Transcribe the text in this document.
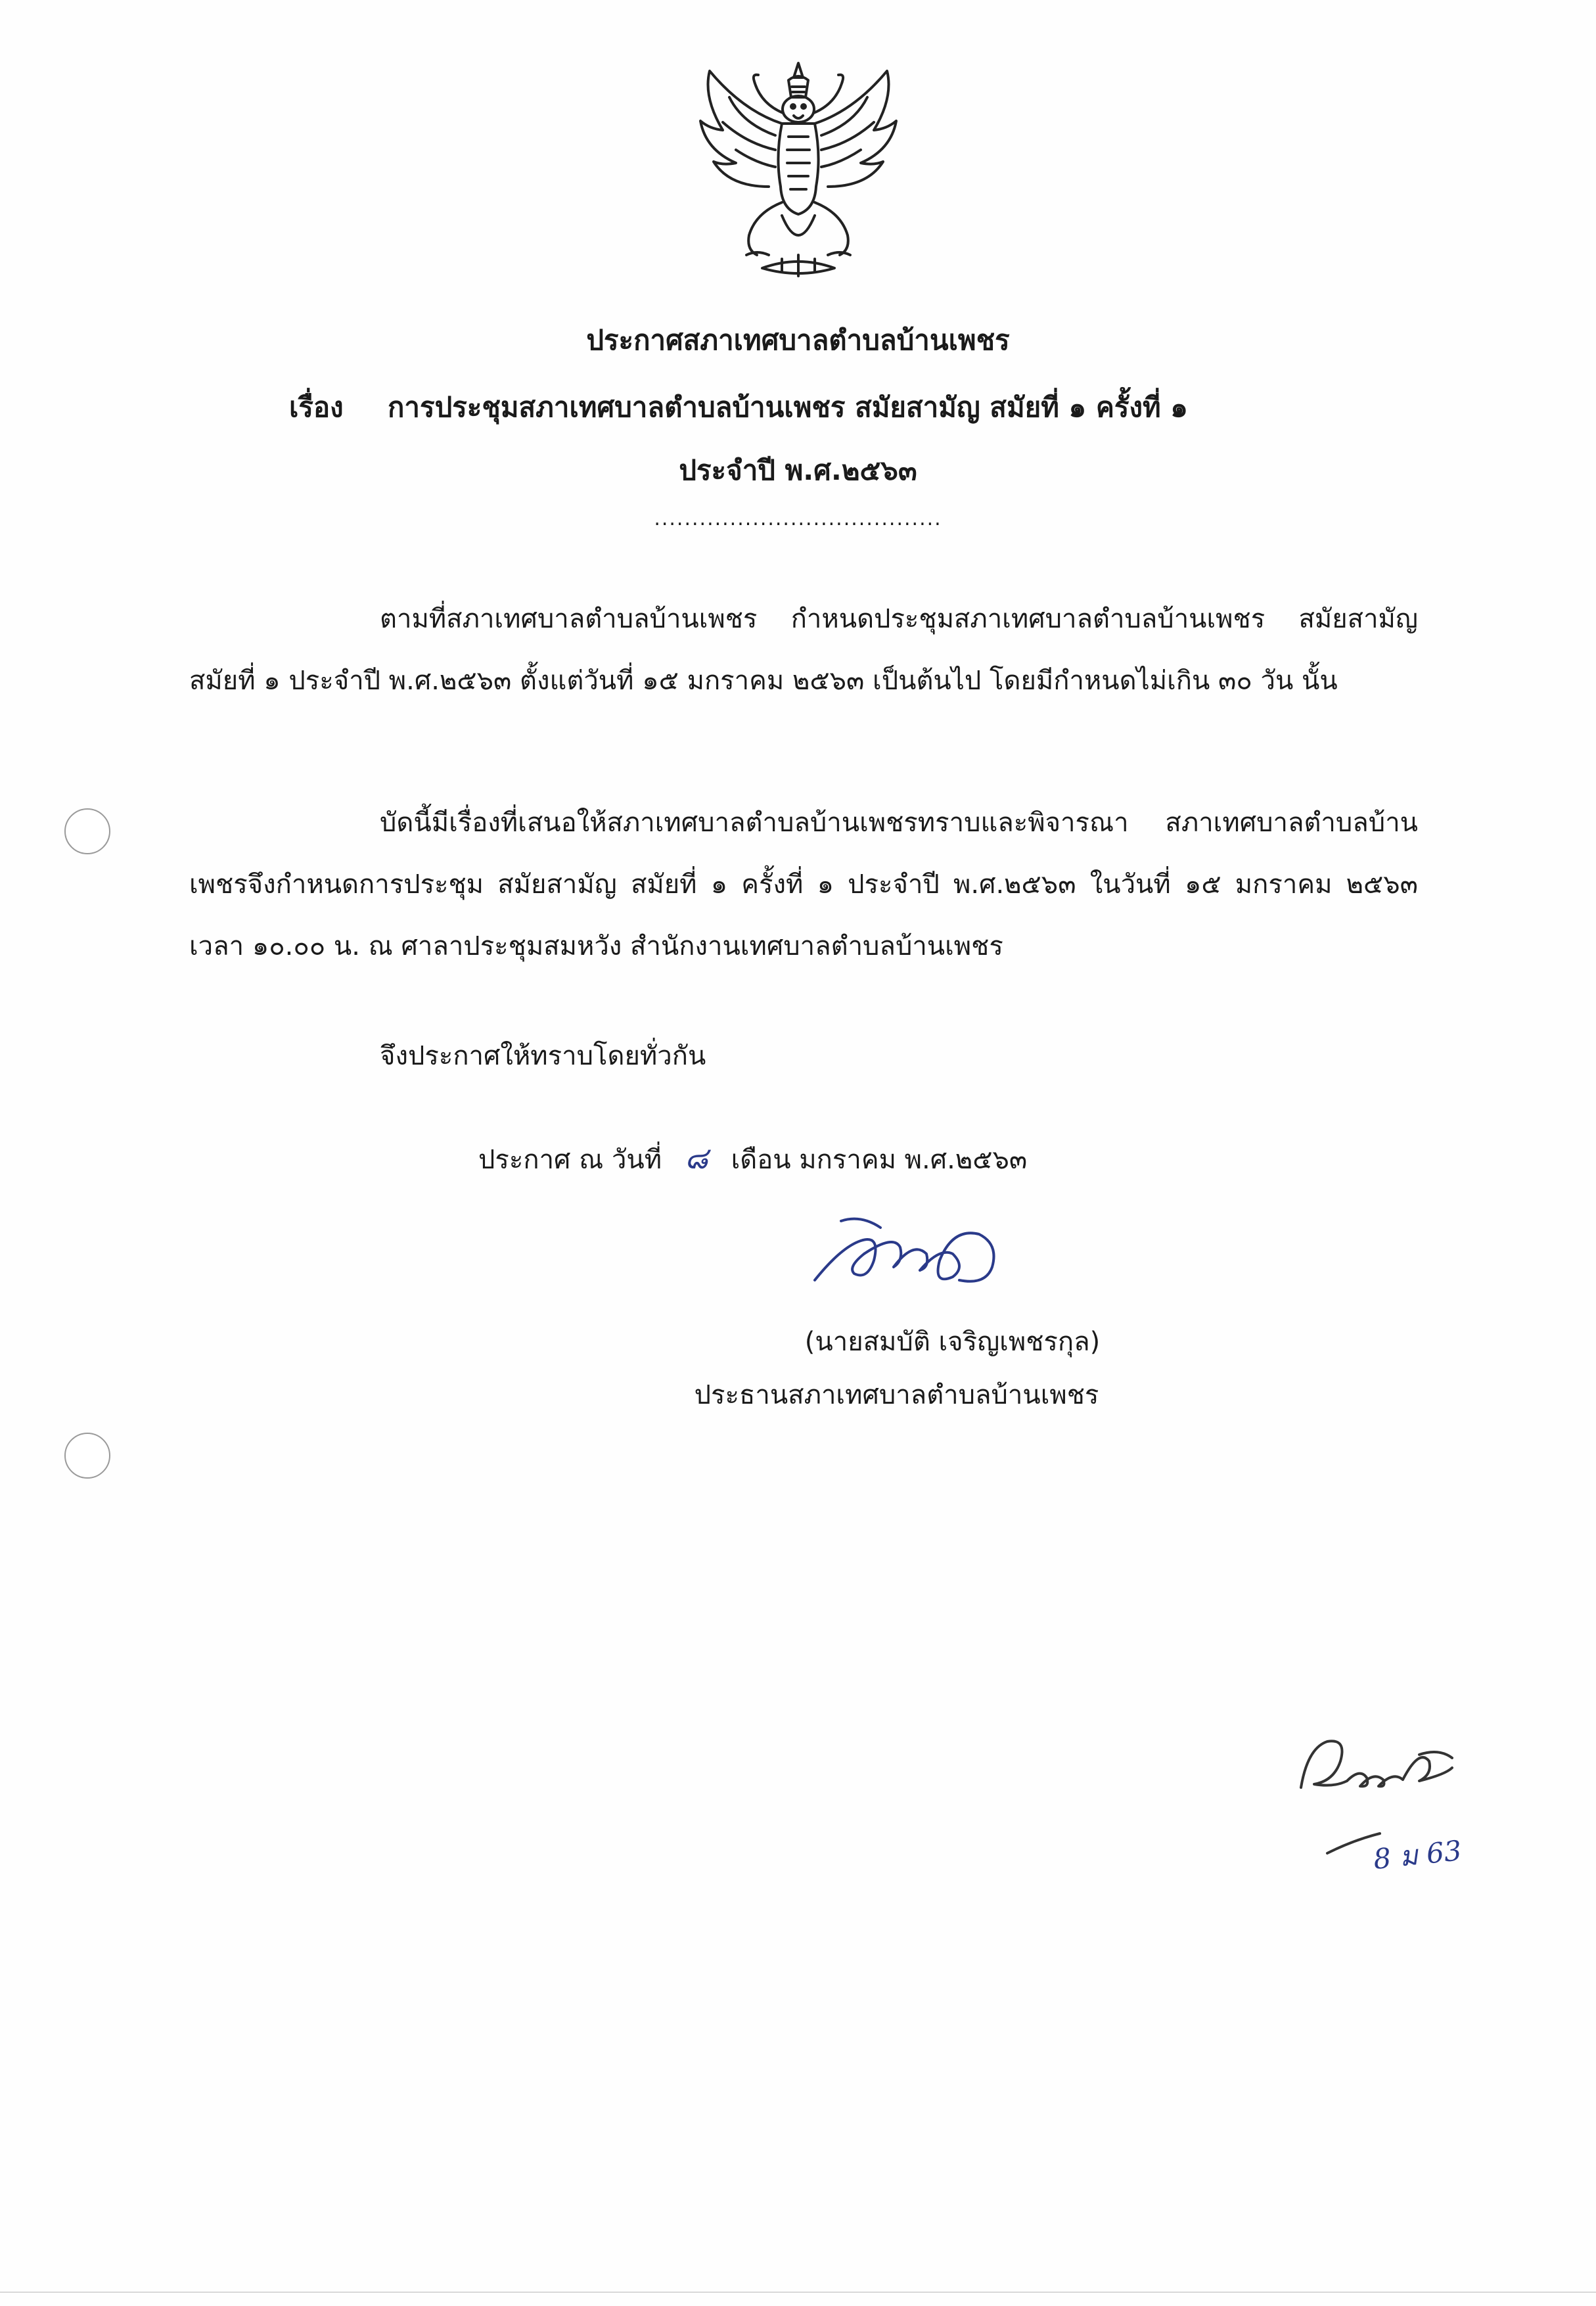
ประกาศสภาเทศบาลตำบลบ้านเพชร
เรื่อง การประชุมสภาเทศบาลตำบลบ้านเพชร สมัยสามัญ สมัยที่ ๑ ครั้งที่ ๑
ประจำปี พ.ศ.๒๕๖๓
......................................
ตามที่สภาเทศบาลตำบลบ้านเพชร กำหนดประชุมสภาเทศบาลตำบลบ้านเพชร สมัยสามัญ สมัยที่ ๑ ประจำปี พ.ศ.๒๕๖๓ ตั้งแต่วันที่ ๑๕ มกราคม ๒๕๖๓ เป็นต้นไป โดยมีกำหนดไม่เกิน ๓๐ วัน นั้น
บัดนี้มีเรื่องที่เสนอให้สภาเทศบาลตำบลบ้านเพชรทราบและพิจารณา สภาเทศบาลตำบลบ้านเพชรจึงกำหนดการประชุม สมัยสามัญ สมัยที่ ๑ ครั้งที่ ๑ ประจำปี พ.ศ.๒๕๖๓ ในวันที่ ๑๕ มกราคม ๒๕๖๓ เวลา ๑๐.๐๐ น. ณ ศาลาประชุมสมหวัง สำนักงานเทศบาลตำบลบ้านเพชร
จึงประกาศให้ทราบโดยทั่วกัน
ประกาศ ณ วันที่ ๘ เดือน มกราคม พ.ศ.๒๕๖๓
(นายสมบัติ เจริญเพชรกุล)
ประธานสภาเทศบาลตำบลบ้านเพชร
8 ม 63
